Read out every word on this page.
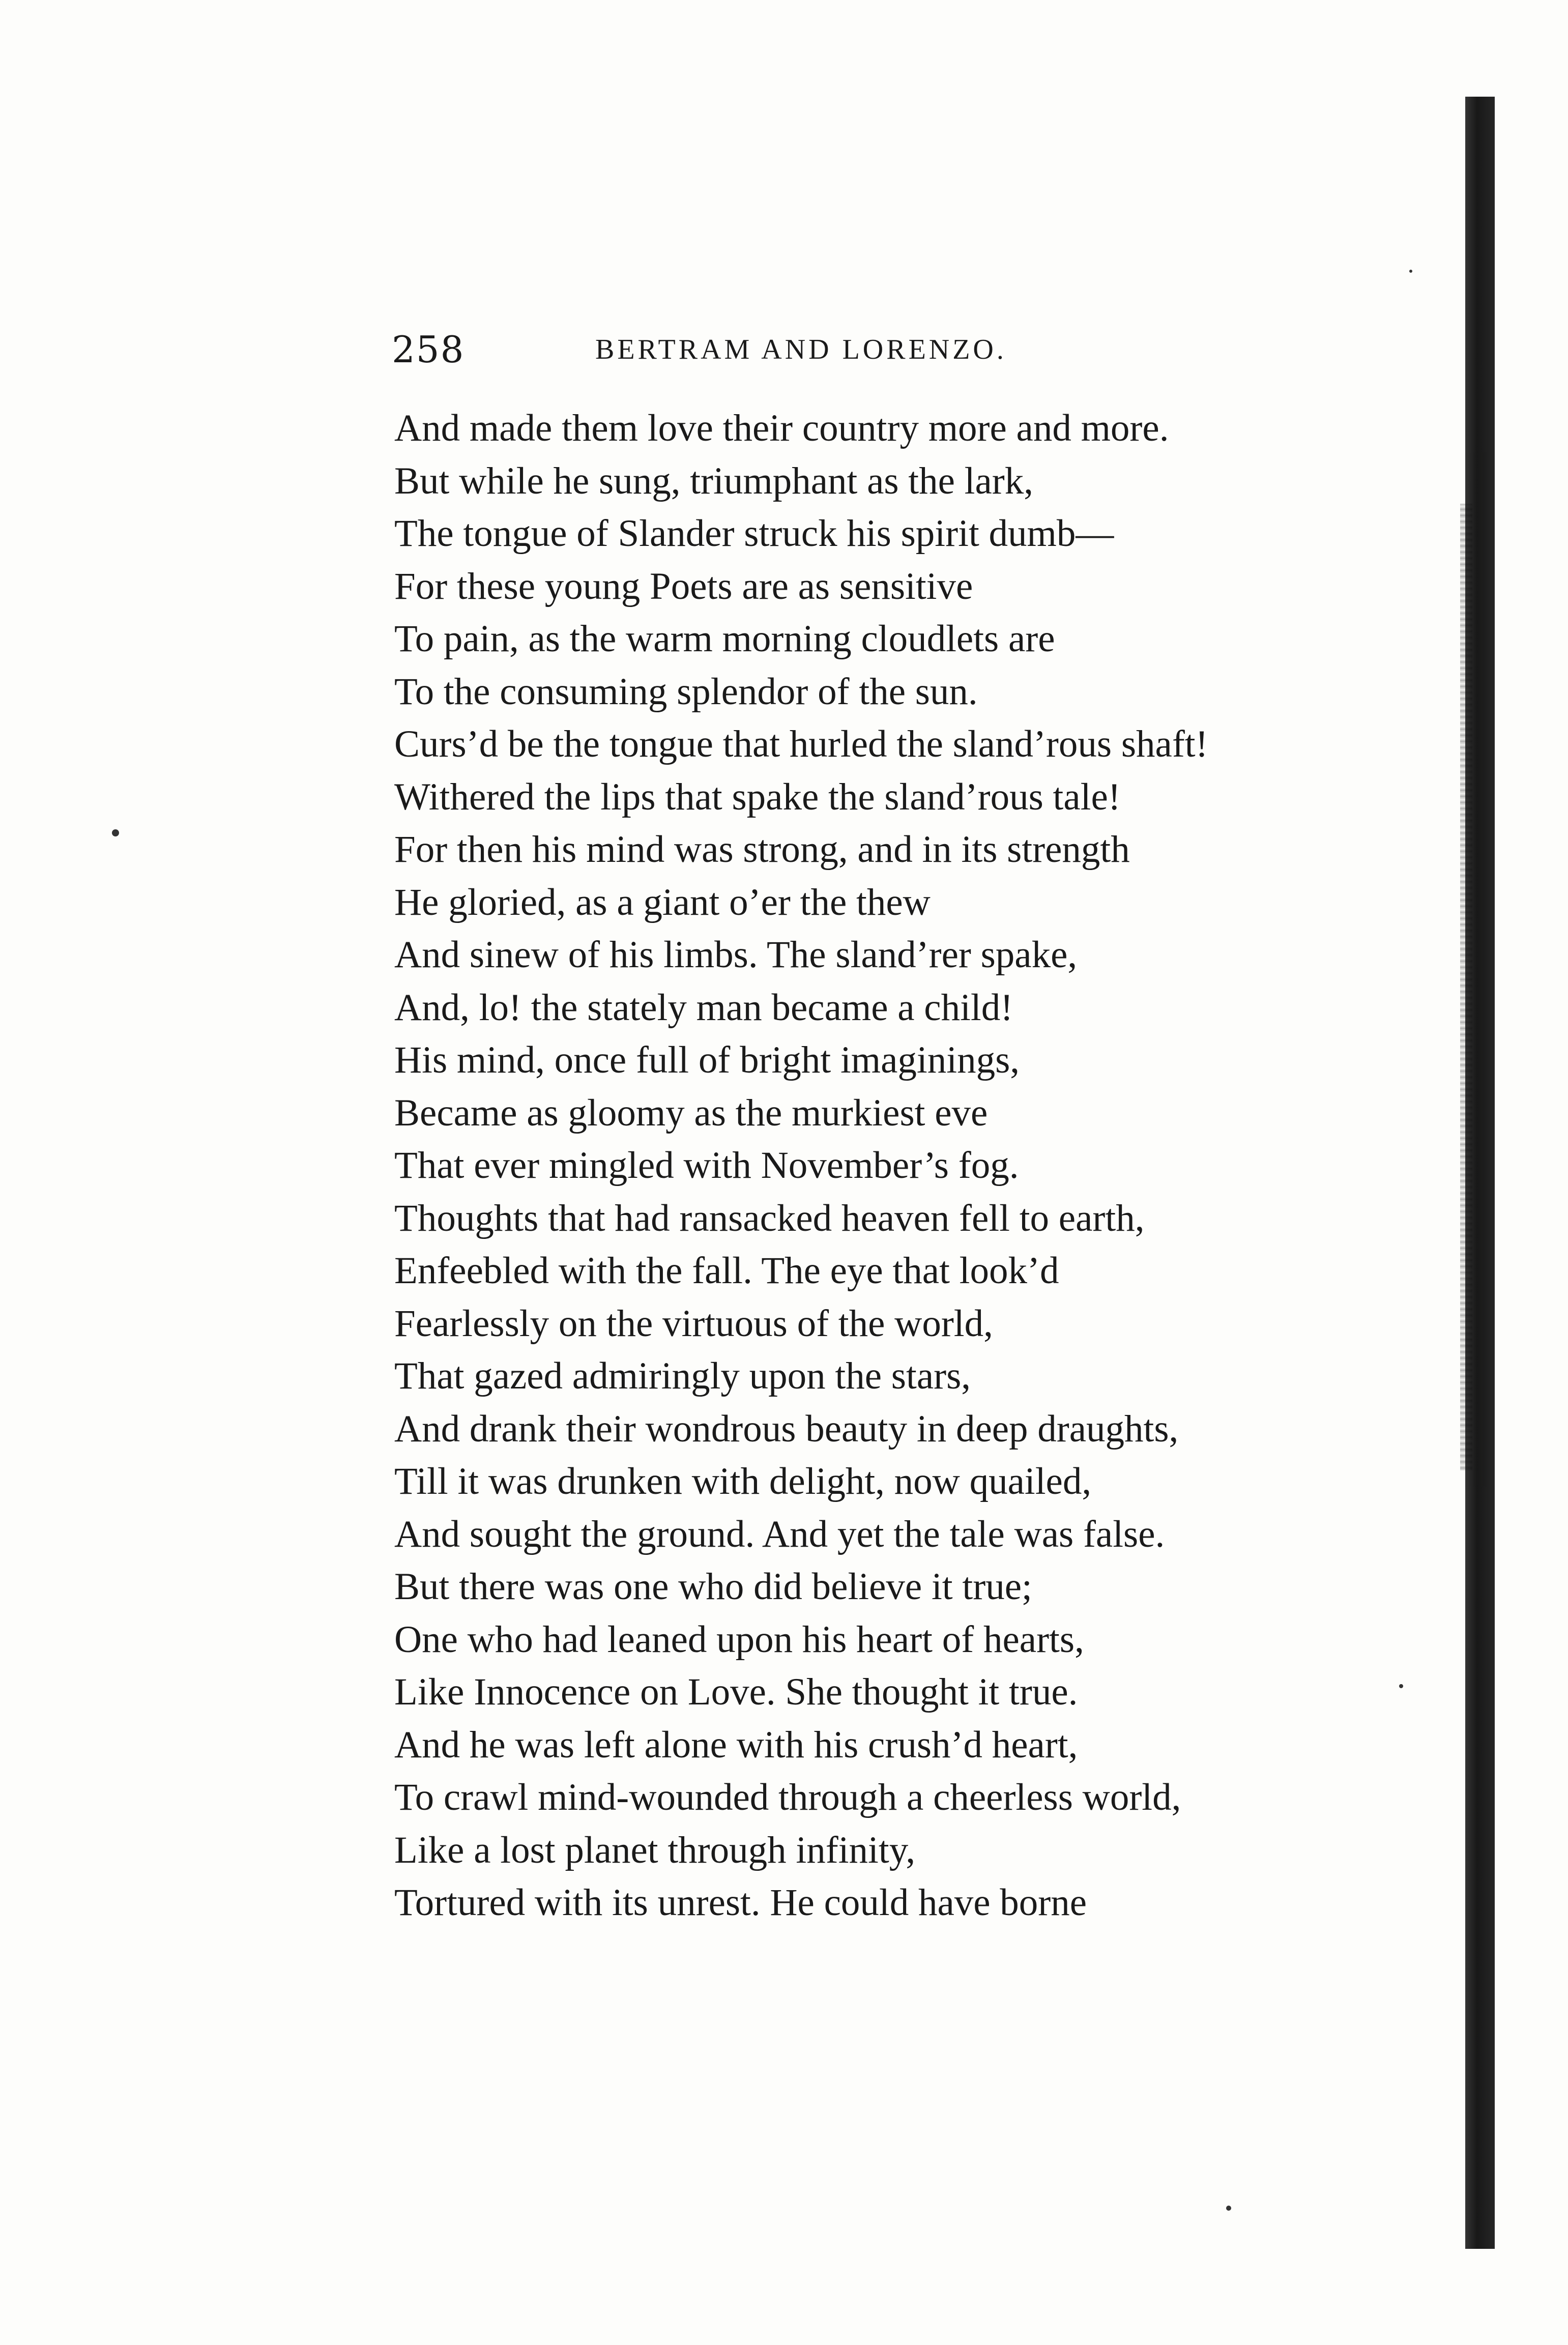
258	BERTRAM AND LORENZO.
And made them love their country more and more.
But while he sung, triumphant as the lark,
The tongue of Slander struck his spirit dumb—
For these young Poets are as sensitive
To pain, as the warm morning cloudlets are
To the consuming splendor of the sun.
Curs’d be the tongue that hurled the sland’rous shaft!
Withered the lips that spake the sland’rous tale!
For then his mind was strong, and in its strength
He gloried, as a giant o’er the thew
And sinew of his limbs. The sland’rer spake,
And, lo! the stately man became a child!
His mind, once full of bright imaginings,
Became as gloomy as the murkiest eve
That ever mingled with November’s fog.
Thoughts that had ransacked heaven fell to earth,
Enfeebled with the fall. The eye that look’d
Fearlessly on the virtuous of the world,
That gazed admiringly upon the stars,
And drank their wondrous beauty in deep draughts,
Till it was drunken with delight, now quailed,
And sought the ground. And yet the tale was false.
But there was one who did believe it true;
One who had leaned upon his heart of hearts,
Like Innocence on Love. She thought it true.
And he was left alone with his crush’d heart,
To crawl mind-wounded through a cheerless world,
Like a lost planet through infinity,
Tortured with its unrest. He could have borne
